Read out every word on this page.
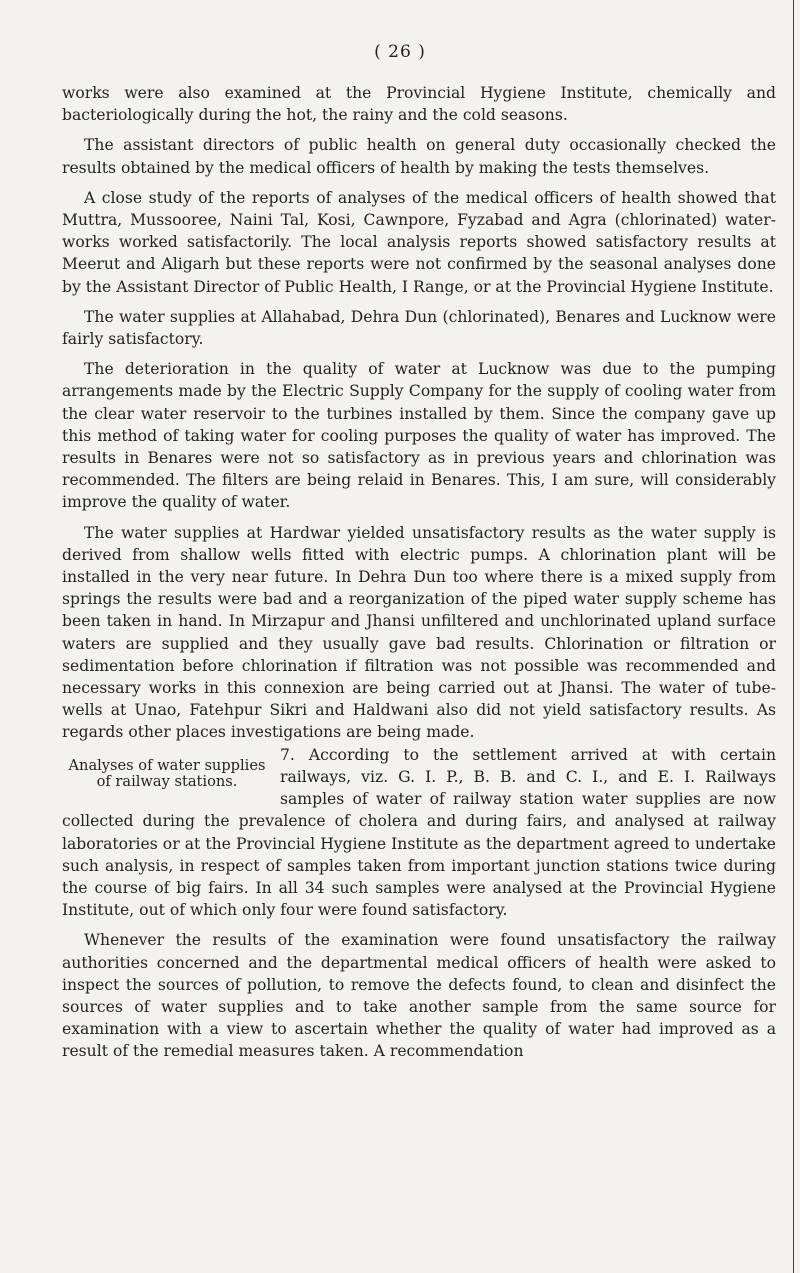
( 26 )

works were also examined at the Provincial Hygiene Institute, chemically and bacteriologically during the hot, the rainy and the cold seasons.

The assistant directors of public health on general duty occasionally checked the results obtained by the medical officers of health by making the tests themselves.

A close study of the reports of analyses of the medical officers of health showed that Muttra, Mussooree, Naini Tal, Kosi, Cawnpore, Fyzabad and Agra (chlorinated) water-works worked satisfactorily. The local analysis reports showed satisfactory results at Meerut and Aligarh but these reports were not confirmed by the seasonal analyses done by the Assistant Director of Public Health, I Range, or at the Provincial Hygiene Institute.

The water supplies at Allahabad, Dehra Dun (chlorinated), Benares and Lucknow were fairly satisfactory.

The deterioration in the quality of water at Lucknow was due to the pumping arrangements made by the Electric Supply Company for the supply of cooling water from the clear water reservoir to the turbines installed by them. Since the company gave up this method of taking water for cooling purposes the quality of water has improved. The results in Benares were not so satisfactory as in previous years and chlorination was recommended. The filters are being relaid in Benares. This, I am sure, will considerably improve the quality of water.

The water supplies at Hardwar yielded unsatisfactory results as the water supply is derived from shallow wells fitted with electric pumps. A chlorination plant will be installed in the very near future. In Dehra Dun too where there is a mixed supply from springs the results were bad and a reorganization of the piped water supply scheme has been taken in hand. In Mirzapur and Jhansi unfiltered and unchlorinated upland surface waters are supplied and they usually gave bad results. Chlorination or filtration or sedimentation before chlorination if filtration was not possible was recommended and necessary works in this connexion are being carried out at Jhansi. The water of tube-wells at Unao, Fatehpur Sikri and Haldwani also did not yield satisfactory results. As regards other places investigations are being made.

Analyses of water supplies of railway stations.

7. According to the settlement arrived at with certain railways, viz. G. I. P., B. B. and C. I., and E. I. Railways samples of water of railway station water supplies are now collected during the prevalence of cholera and during fairs, and analysed at railway laboratories or at the Provincial Hygiene Institute as the department agreed to undertake such analysis, in respect of samples taken from important junction stations twice during the course of big fairs. In all 34 such samples were analysed at the Provincial Hygiene Institute, out of which only four were found satisfactory.

Whenever the results of the examination were found unsatisfactory the railway authorities concerned and the departmental medical officers of health were asked to inspect the sources of pollution, to remove the defects found, to clean and disinfect the sources of water supplies and to take another sample from the same source for examination with a view to ascertain whether the quality of water had improved as a result of the remedial measures taken. A recommendation
